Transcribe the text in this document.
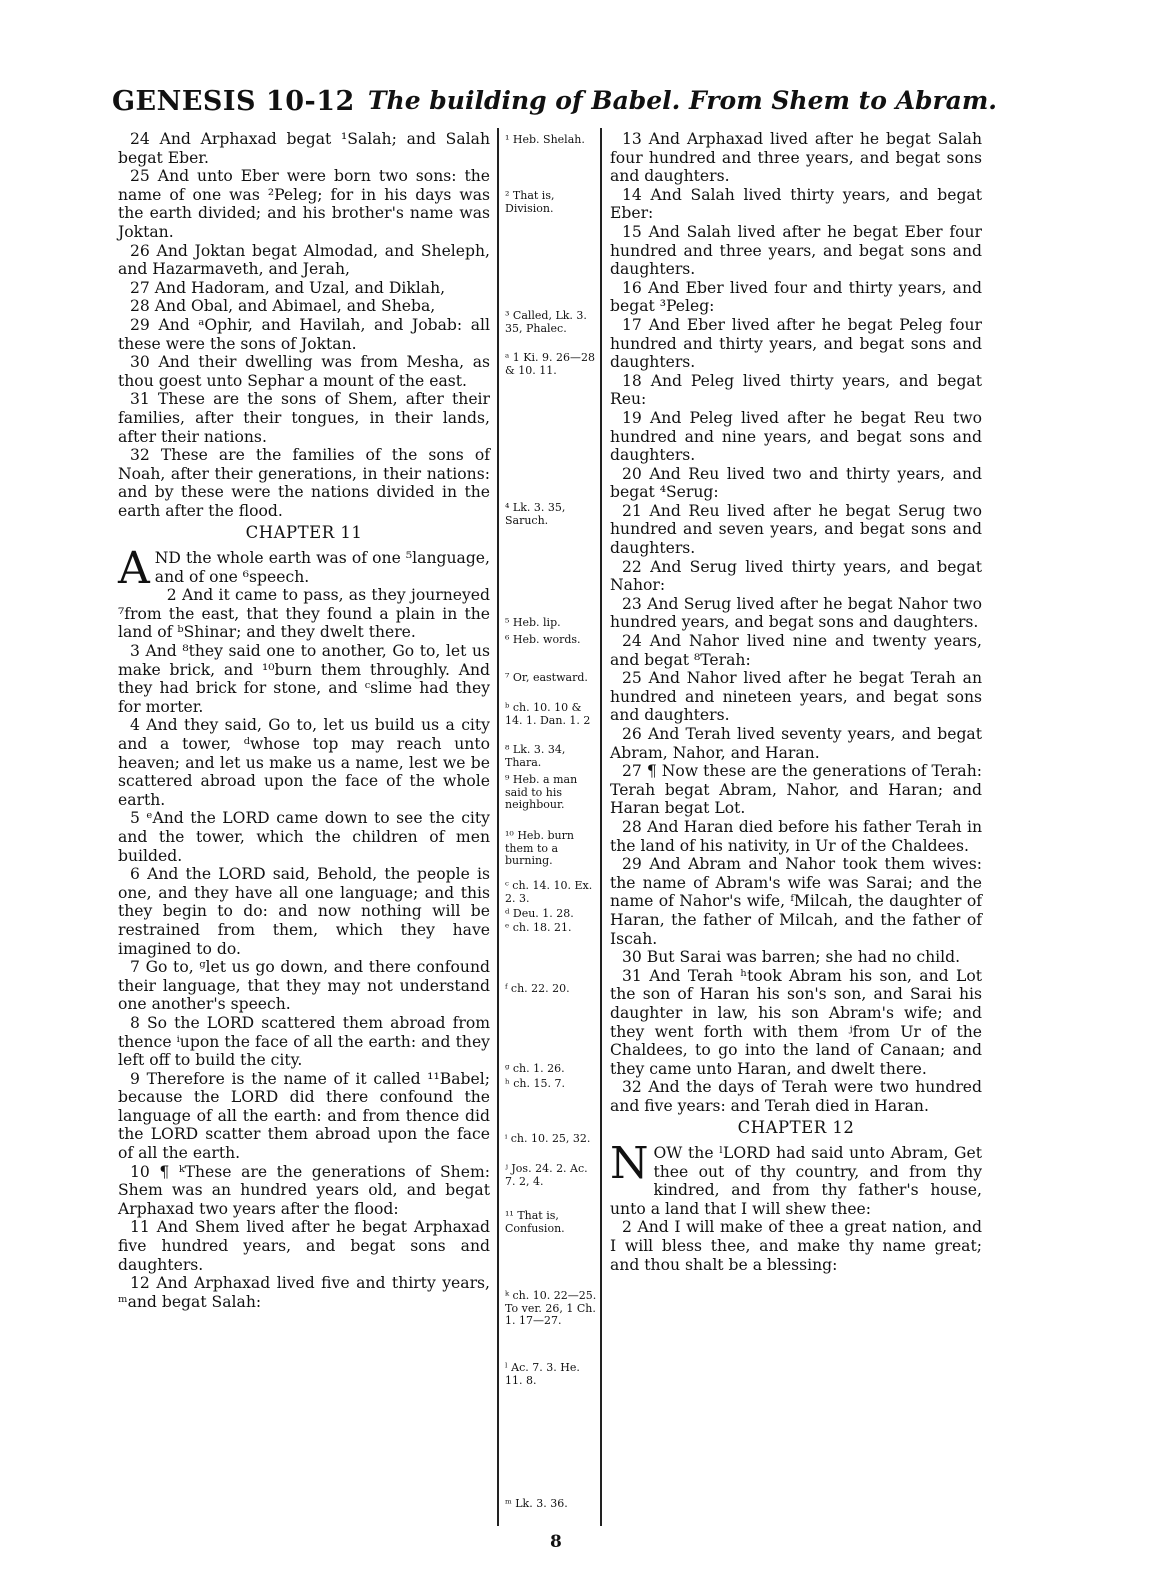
GENESIS 10-12 The building of Babel. From Shem to Abram.

24 And Arphaxad begat ¹Salah; and Salah begat Eber.

25 And unto Eber were born two sons: the name of one was ²Peleg; for in his days was the earth divided; and his brother's name was Joktan.

26 And Joktan begat Almodad, and Sheleph, and Hazarmaveth, and Jerah,

27 And Hadoram, and Uzal, and Diklah,

28 And Obal, and Abimael, and Sheba,

29 And ᵃOphir, and Havilah, and Jobab: all these were the sons of Joktan.

30 And their dwelling was from Mesha, as thou goest unto Sephar a mount of the east.

31 These are the sons of Shem, after their families, after their tongues, in their lands, after their nations.

32 These are the families of the sons of Noah, after their generations, in their nations: and by these were the nations divided in the earth after the flood.

CHAPTER 11

AND the whole earth was of one ⁵language, and of one ⁶speech.

2 And it came to pass, as they journeyed ⁷from the east, that they found a plain in the land of ᵇShinar; and they dwelt there.

3 And ⁸they said one to another, Go to, let us make brick, and ¹⁰burn them throughly. And they had brick for stone, and ᶜslime had they for morter.

4 And they said, Go to, let us build us a city and a tower, ᵈwhose top may reach unto heaven; and let us make us a name, lest we be scattered abroad upon the face of the whole earth.

5 ᵉAnd the LORD came down to see the city and the tower, which the children of men builded.

6 And the LORD said, Behold, the people is one, and they have all one language; and this they begin to do: and now nothing will be restrained from them, which they have imagined to do.

7 Go to, ᵍlet us go down, and there confound their language, that they may not understand one another's speech.

8 So the LORD scattered them abroad from thence ⁱupon the face of all the earth: and they left off to build the city.

9 Therefore is the name of it called ¹¹Babel; because the LORD did there confound the language of all the earth: and from thence did the LORD scatter them abroad upon the face of all the earth.

10 ¶ ᵏThese are the generations of Shem: Shem was an hundred years old, and begat Arphaxad two years after the flood:

11 And Shem lived after he begat Arphaxad five hundred years, and begat sons and daughters.

12 And Arphaxad lived five and thirty years, ᵐand begat Salah:

¹ Heb. Shelah.
² That is, Division.
³ Called, Lk. 3. 35, Phalec.
ᵃ 1 Ki. 9. 26—28 & 10. 11.
⁴ Lk. 3. 35, Saruch.
⁵ Heb. lip.
⁶ Heb. words.
⁷ Or, eastward.
ᵇ ch. 10. 10 & 14. 1. Dan. 1. 2
⁸ Lk. 3. 34, Thara.
⁹ Heb. a man said to his neighbour.
¹⁰ Heb. burn them to a burning.
ᶜ ch. 14. 10. Ex. 2. 3.
ᵈ Deu. 1. 28.
ᵉ ch. 18. 21.
ᶠ ch. 22. 20.
ᵍ ch. 1. 26.
ʰ ch. 15. 7.
ⁱ ch. 10. 25, 32.
ʲ Jos. 24. 2. Ac. 7. 2, 4.
¹¹ That is, Confusion.
ᵏ ch. 10. 22—25. To ver. 26, 1 Ch. 1. 17—27.
ˡ Ac. 7. 3. He. 11. 8.
ᵐ Lk. 3. 36.

13 And Arphaxad lived after he begat Salah four hundred and three years, and begat sons and daughters.

14 And Salah lived thirty years, and begat Eber:

15 And Salah lived after he begat Eber four hundred and three years, and begat sons and daughters.

16 And Eber lived four and thirty years, and begat ³Peleg:

17 And Eber lived after he begat Peleg four hundred and thirty years, and begat sons and daughters.

18 And Peleg lived thirty years, and begat Reu:

19 And Peleg lived after he begat Reu two hundred and nine years, and begat sons and daughters.

20 And Reu lived two and thirty years, and begat ⁴Serug:

21 And Reu lived after he begat Serug two hundred and seven years, and begat sons and daughters.

22 And Serug lived thirty years, and begat Nahor:

23 And Serug lived after he begat Nahor two hundred years, and begat sons and daughters.

24 And Nahor lived nine and twenty years, and begat ⁸Terah:

25 And Nahor lived after he begat Terah an hundred and nineteen years, and begat sons and daughters.

26 And Terah lived seventy years, and begat Abram, Nahor, and Haran.

27 ¶ Now these are the generations of Terah: Terah begat Abram, Nahor, and Haran; and Haran begat Lot.

28 And Haran died before his father Terah in the land of his nativity, in Ur of the Chaldees.

29 And Abram and Nahor took them wives: the name of Abram's wife was Sarai; and the name of Nahor's wife, ᶠMilcah, the daughter of Haran, the father of Milcah, and the father of Iscah.

30 But Sarai was barren; she had no child.

31 And Terah ʰtook Abram his son, and Lot the son of Haran his son's son, and Sarai his daughter in law, his son Abram's wife; and they went forth with them ʲfrom Ur of the Chaldees, to go into the land of Canaan; and they came unto Haran, and dwelt there.

32 And the days of Terah were two hundred and five years: and Terah died in Haran.

CHAPTER 12

NOW the ˡLORD had said unto Abram, Get thee out of thy country, and from thy kindred, and from thy father's house, unto a land that I will shew thee:

2 And I will make of thee a great nation, and I will bless thee, and make thy name great; and thou shalt be a blessing:

8
